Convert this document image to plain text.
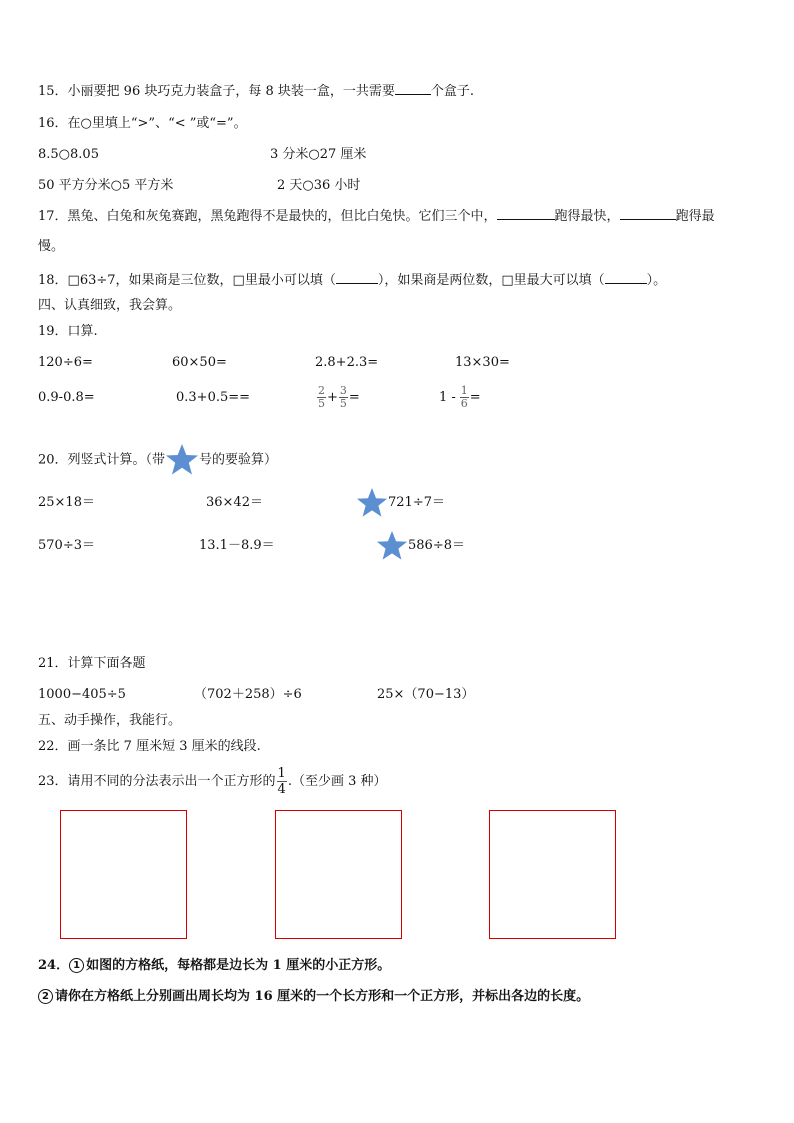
15．小丽要把 96 块巧克力装盒子，每 8 块装一盒，一共需要	个盒子.
16．在○里填上“>”、“< ”或“=”。
8.5○8.05	3 分米○27 厘米
50 平方分米○5 平方米	2 天○36 小时
17．黑兔、白兔和灰兔赛跑，黑兔跑得不是最快的，但比白兔快。它们三个中，	跑得最快，	跑得最
慢。
18．□63÷7，如果商是三位数，□里最小可以填（	），如果商是两位数，□里最大可以填（	）。
四、认真细致，我会算。
19．口算.
120÷6=	60×50=	2.8+2.3=	13×30=
0.9-0.8=	0.3+0.5==	$\frac{2}{5} + \frac{3}{5}$ =	$1 - \frac{1}{6}$ =
20．列竖式计算。（带	号的要验算）
25×18＝	36×42＝	721÷7＝
570÷3＝	13.1－8.9＝	586÷8＝
21．计算下面各题
1000−405÷5	（702＋258）÷6	25×（70−13）
五、动手操作，我能行。
22．画一条比 7 厘米短 3 厘米的线段.
23．请用不同的分法表示出一个正方形的 $\frac{1}{4}$ .（至少画 3 种）
24． 1 如图的方格纸，每格都是边长为 1 厘米的小正方形。
2 请你在方格纸上分别画出周长均为 16 厘米的一个长方形和一个正方形，并标出各边的长度。
